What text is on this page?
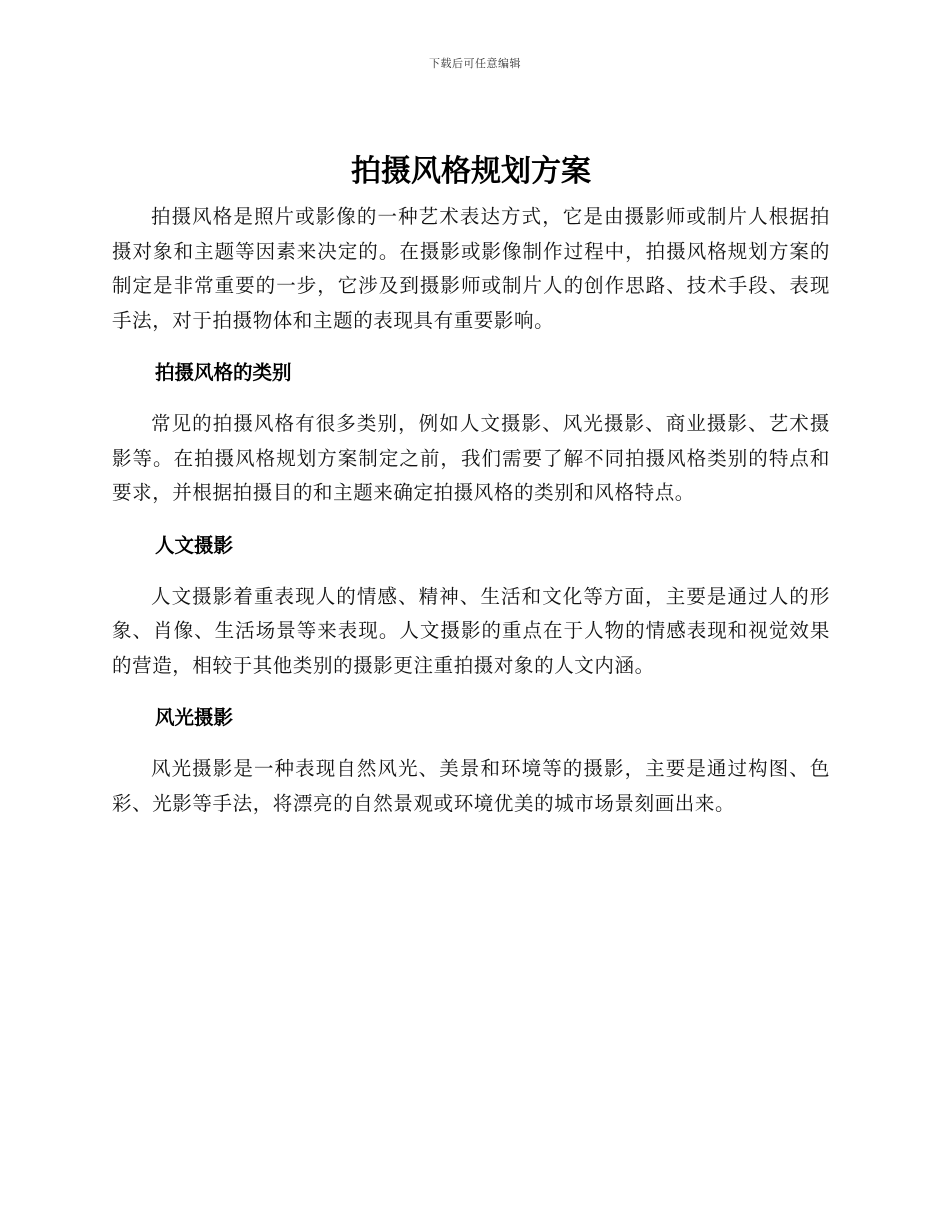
下载后可任意编辑
拍摄风格规划方案

拍摄风格是照片或影像的一种艺术表达方式，它是由摄影师或制片人根据拍摄对象和主题等因素来决定的。在摄影或影像制作过程中，拍摄风格规划方案的制定是非常重要的一步，它涉及到摄影师或制片人的创作思路、技术手段、表现手法，对于拍摄物体和主题的表现具有重要影响。

拍摄风格的类别

常见的拍摄风格有很多类别，例如人文摄影、风光摄影、商业摄影、艺术摄影等。在拍摄风格规划方案制定之前，我们需要了解不同拍摄风格类别的特点和要求，并根据拍摄目的和主题来确定拍摄风格的类别和风格特点。

人文摄影

人文摄影着重表现人的情感、精神、生活和文化等方面，主要是通过人的形象、肖像、生活场景等来表现。人文摄影的重点在于人物的情感表现和视觉效果的营造，相较于其他类别的摄影更注重拍摄对象的人文内涵。

风光摄影

风光摄影是一种表现自然风光、美景和环境等的摄影，主要是通过构图、色彩、光影等手法，将漂亮的自然景观或环境优美的城市场景刻画出来。
